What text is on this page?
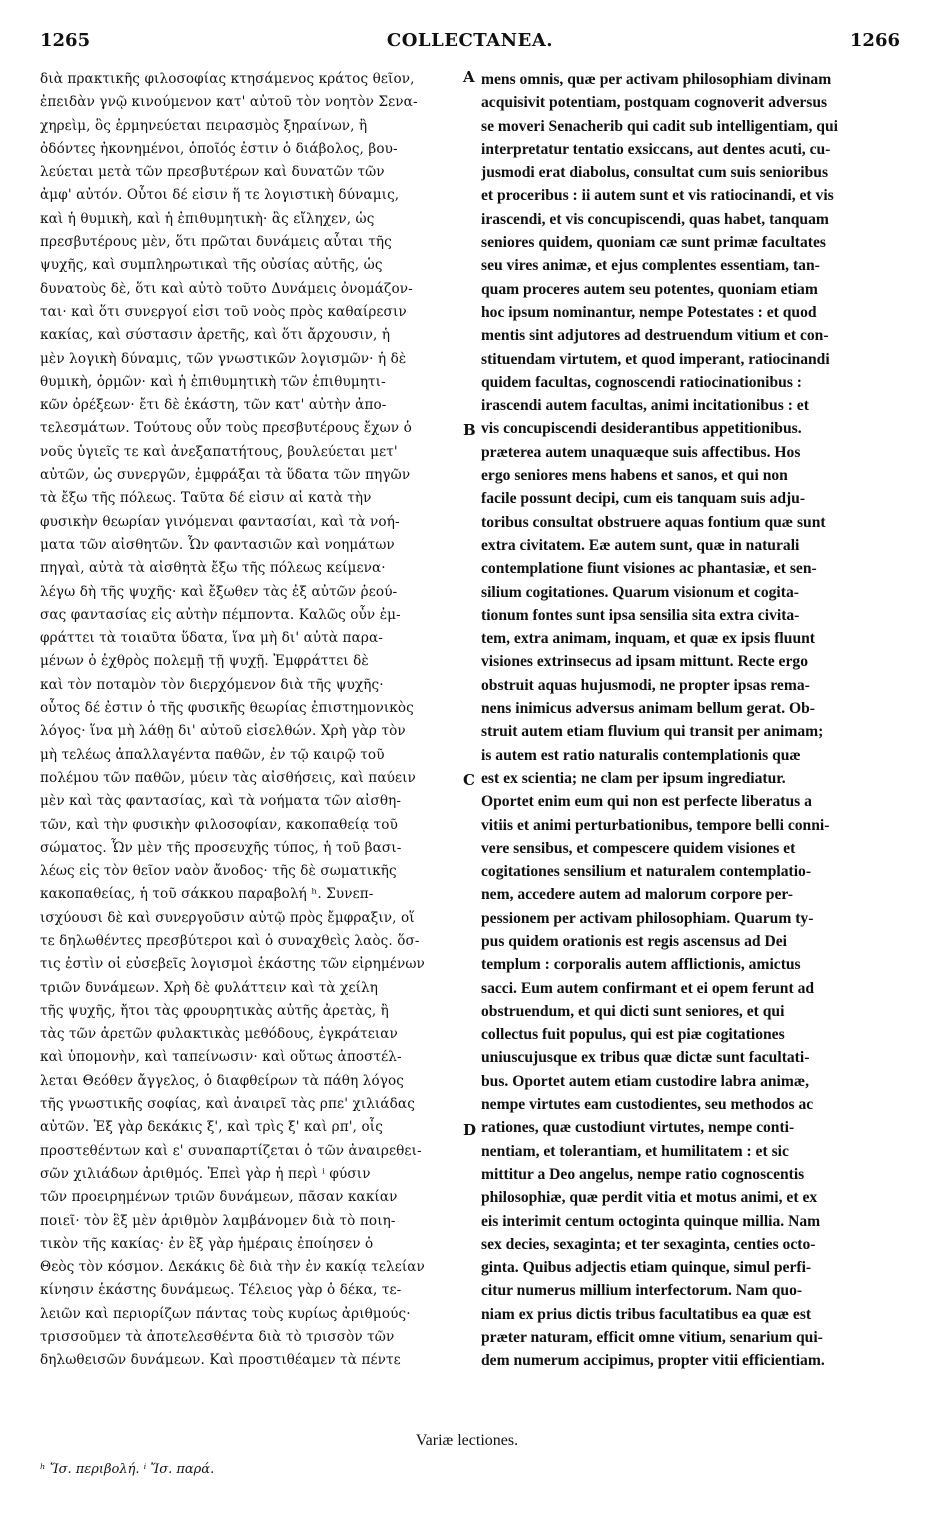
1265	COLLECTANEA.	1266
διὰ πρακτικῆς φιλοσοφίας κτησάμενος κράτος θεῖον,
ἐπειδὰν γνῷ κινούμενον κατ' αὐτοῦ τὸν νοητὸν Σενα-
χηρεὶμ, ὃς ἑρμηνεύεται πειρασμὸς ξηραίνων, ἢ
ὀδόντες ἠκονημένοι, ὁποῖός ἐστιν ὁ διάβολος, βου-
λεύεται μετὰ τῶν πρεσβυτέρων καὶ δυνατῶν τῶν
ἀμφ' αὐτόν. Οὗτοι δέ εἰσιν ἥ τε λογιστικὴ δύναμις,
καὶ ἡ θυμικὴ, καὶ ἡ ἐπιθυμητικὴ· ἃς εἴληχεν, ὡς
πρεσβυτέρους μὲν, ὅτι πρῶται δυνάμεις αὗται τῆς
ψυχῆς, καὶ συμπληρωτικαὶ τῆς οὐσίας αὐτῆς, ὡς
δυνατοὺς δὲ, ὅτι καὶ αὐτὸ τοῦτο Δυνάμεις ὀνομάζον-
ται· καὶ ὅτι συνεργοί εἰσι τοῦ νοὸς πρὸς καθαίρεσιν
κακίας, καὶ σύστασιν ἀρετῆς, καὶ ὅτι ἄρχουσιν, ἡ
μὲν λογικὴ δύναμις, τῶν γνωστικῶν λογισμῶν· ἡ δὲ
θυμικὴ, ὁρμῶν· καὶ ἡ ἐπιθυμητικὴ τῶν ἐπιθυμητι-
κῶν ὀρέξεων· ἔτι δὲ ἑκάστη, τῶν κατ' αὐτὴν ἀπο-
τελεσμάτων. Τούτους οὖν τοὺς πρεσβυτέρους ἔχων ὁ
νοῦς ὑγιεῖς τε καὶ ἀνεξαπατήτους, βουλεύεται μετ'
αὐτῶν, ὡς συνεργῶν, ἐμφράξαι τὰ ὕδατα τῶν πηγῶν
τὰ ἔξω τῆς πόλεως. Ταῦτα δέ εἰσιν αἱ κατὰ τὴν
φυσικὴν θεωρίαν γινόμεναι φαντασίαι, καὶ τὰ νοή-
ματα τῶν αἰσθητῶν. Ὧν φαντασιῶν καὶ νοημάτων
πηγαὶ, αὐτὰ τὰ αἰσθητὰ ἔξω τῆς πόλεως κείμενα·
λέγω δὴ τῆς ψυχῆς· καὶ ἔξωθεν τὰς ἐξ αὐτῶν ῥεού-
σας φαντασίας εἰς αὐτὴν πέμποντα. Καλῶς οὖν ἐμ-
φράττει τὰ τοιαῦτα ὕδατα, ἵνα μὴ δι' αὐτὰ παρα-
μένων ὁ ἐχθρὸς πολεμῇ τῇ ψυχῇ. Ἐμφράττει δὲ
καὶ τὸν ποταμὸν τὸν διερχόμενον διὰ τῆς ψυχῆς·
οὗτος δέ ἐστιν ὁ τῆς φυσικῆς θεωρίας ἐπιστημονικὸς
λόγος· ἵνα μὴ λάθῃ δι' αὐτοῦ εἰσελθών. Χρὴ γὰρ τὸν
μὴ τελέως ἀπαλλαγέντα παθῶν, ἐν τῷ καιρῷ τοῦ
πολέμου τῶν παθῶν, μύειν τὰς αἰσθήσεις, καὶ παύειν
μὲν καὶ τὰς φαντασίας, καὶ τὰ νοήματα τῶν αἰσθη-
τῶν, καὶ τὴν φυσικὴν φιλοσοφίαν, κακοπαθείᾳ τοῦ
σώματος. Ὧν μὲν τῆς προσευχῆς τύπος, ἡ τοῦ βασι-
λέως εἰς τὸν θεῖον ναὸν ἄνοδος· τῆς δὲ σωματικῆς
κακοπαθείας, ἡ τοῦ σάκκου παραβολή ʰ. Συνεπ-
ισχύουσι δὲ καὶ συνεργοῦσιν αὐτῷ πρὸς ἔμφραξιν, οἵ
τε δηλωθέντες πρεσβύτεροι καὶ ὁ συναχθεὶς λαὸς. ὅσ-
τις ἐστὶν οἱ εὐσεβεῖς λογισμοὶ ἑκάστης τῶν εἰρημένων
τριῶν δυνάμεων. Χρὴ δὲ φυλάττειν καὶ τὰ χείλη
τῆς ψυχῆς, ἤτοι τὰς φρουρητικὰς αὐτῆς ἀρετὰς, ἢ
τὰς τῶν ἀρετῶν φυλακτικὰς μεθόδους, ἐγκράτειαν
καὶ ὑπομονὴν, καὶ ταπείνωσιν· καὶ οὕτως ἀποστέλ-
λεται Θεόθεν ἄγγελος, ὁ διαφθείρων τὰ πάθη λόγος
τῆς γνωστικῆς σοφίας, καὶ ἀναιρεῖ τὰς ρπε' χιλιάδας
αὐτῶν. Ἐξ γὰρ δεκάκις ξ', καὶ τρὶς ξ' καὶ ρπ', οἷς
προστεθέντων καὶ ε' συναπαρτίζεται ὁ τῶν ἀναιρεθει-
σῶν χιλιάδων ἀριθμός. Ἐπεὶ γὰρ ἡ περὶ ⁱ φύσιν
τῶν προειρημένων τριῶν δυνάμεων, πᾶσαν κακίαν
ποιεῖ· τὸν ἓξ μὲν ἀριθμὸν λαμβάνομεν διὰ τὸ ποιη-
τικὸν τῆς κακίας· ἐν ἓξ γὰρ ἡμέραις ἐποίησεν ὁ
Θεὸς τὸν κόσμον. Δεκάκις δὲ διὰ τὴν ἐν κακίᾳ τελείαν
κίνησιν ἑκάστης δυνάμεως. Τέλειος γὰρ ὁ δέκα, τε-
λειῶν καὶ περιορίζων πάντας τοὺς κυρίως ἀριθμούς·
τρισσοῦμεν τὰ ἀποτελεσθέντα διὰ τὸ τρισσὸν τῶν
δηλωθεισῶν δυνάμεων. Καὶ προστιθέαμεν τὰ πέντε
mens omnis, quæ per activam philosophiam divinam
acquisivit potentiam, postquam cognoverit adversus
se moveri Senacherib qui cadit sub intelligentiam, qui
interpretatur tentatio exsiccans, aut dentes acuti, cu-
jusmodi erat diabolus, consultat cum suis senioribus
et proceribus : ii autem sunt et vis ratiocinandi, et vis
irascendi, et vis concupiscendi, quas habet, tanquam
seniores quidem, quoniam cæ sunt primæ facultates
seu vires animæ, et ejus complentes essentiam, tan-
quam proceres autem seu potentes, quoniam etiam
hoc ipsum nominantur, nempe Potestates : et quod
mentis sint adjutores ad destruendum vitium et con-
stituendam virtutem, et quod imperant, ratiocinandi
quidem facultas, cognoscendi ratiocinationibus :
irascendi autem facultas, animi incitationibus : et
vis concupiscendi desiderantibus appetitionibus.
præterea autem unaquæque suis affectibus. Hos
ergo seniores mens habens et sanos, et qui non
facile possunt decipi, cum eis tanquam suis adju-
toribus consultat obstruere aquas fontium quæ sunt
extra civitatem. Eæ autem sunt, quæ in naturali
contemplatione fiunt visiones ac phantasiæ, et sen-
silium cogitationes. Quarum visionum et cogita-
tionum fontes sunt ipsa sensilia sita extra civita-
tem, extra animam, inquam, et quæ ex ipsis fluunt
visiones extrinsecus ad ipsam mittunt. Recte ergo
obstruit aquas hujusmodi, ne propter ipsas rema-
nens inimicus adversus animam bellum gerat. Ob-
struit autem etiam fluvium qui transit per animam;
is autem est ratio naturalis contemplationis quæ
est ex scientia; ne clam per ipsum ingrediatur.
Oportet enim eum qui non est perfecte liberatus a
vitiis et animi perturbationibus, tempore belli conni-
vere sensibus, et compescere quidem visiones et
cogitationes sensilium et naturalem contemplatio-
nem, accedere autem ad malorum corpore per-
pessionem per activam philosophiam. Quarum ty-
pus quidem orationis est regis ascensus ad Dei
templum : corporalis autem afflictionis, amictus
sacci. Eum autem confirmant et ei opem ferunt ad
obstruendum, et qui dicti sunt seniores, et qui
collectus fuit populus, qui est piæ cogitationes
uniuscujusque ex tribus quæ dictæ sunt facultati-
bus. Oportet autem etiam custodire labra animæ,
nempe virtutes eam custodientes, seu methodos ac
rationes, quæ custodiunt virtutes, nempe conti-
nentiam, et tolerantiam, et humilitatem : et sic
mittitur a Deo angelus, nempe ratio cognoscentis
philosophiæ, quæ perdit vitia et motus animi, et ex
eis interimit centum octoginta quinque millia. Nam
sex decies, sexaginta; et ter sexaginta, centies octo-
ginta. Quibus adjectis etiam quinque, simul perfi-
citur numerus millium interfectorum. Nam quo-
niam ex prius dictis tribus facultatibus ea quæ est
præter naturam, efficit omne vitium, senarium qui-
dem numerum accipimus, propter vitii efficientiam.
A
B
C
D
Variæ lectiones.
ʰ Ἴσ. περιβολή. ⁱ Ἴσ. παρά.
